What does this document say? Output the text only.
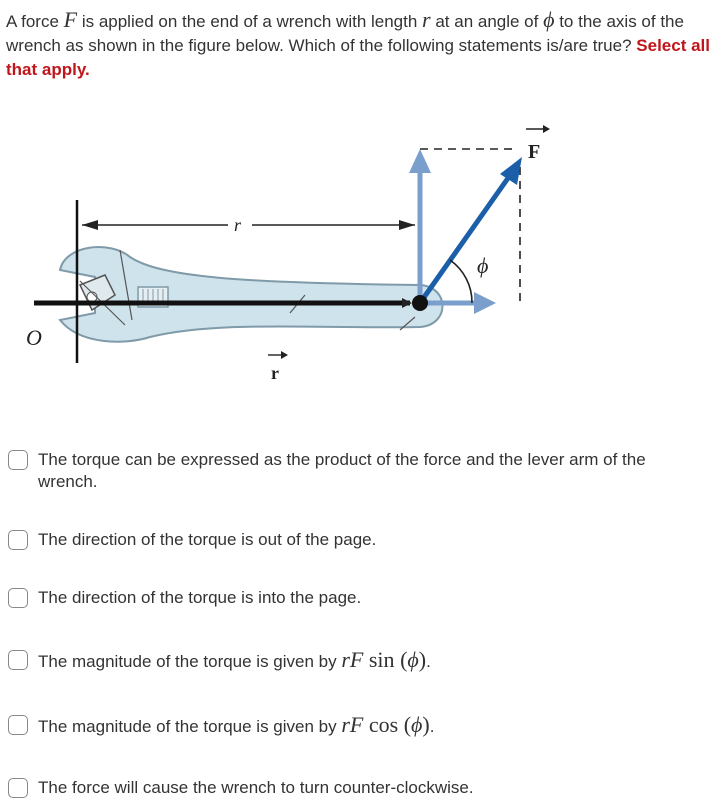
A force F is applied on the end of a wrench with length r at an angle of ϕ to the axis of the wrench as shown in the figure below. Which of the following statements is/are true? Select all that apply.
r
ϕ
O
r
F
The torque can be expressed as the product of the force and the lever arm of the wrench.
The direction of the torque is out of the page.
The direction of the torque is into the page.
The magnitude of the torque is given by rF sin (ϕ).
The magnitude of the torque is given by rF cos (ϕ).
The force will cause the wrench to turn counter-clockwise.
